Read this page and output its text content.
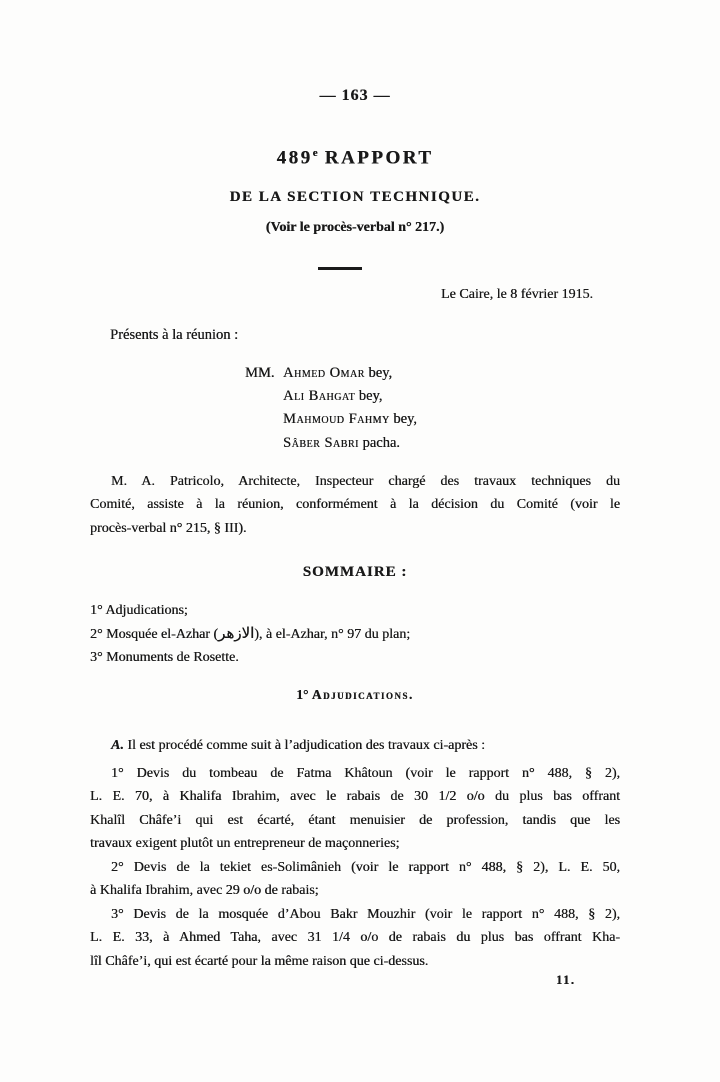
— 163 —
489e RAPPORT
DE LA SECTION TECHNIQUE.
(Voir le procès-verbal n° 217.)
Le Caire, le 8 février 1915.
Présents à la réunion :
MM. Ahmed Omar bey,
Ali Bahgat bey,
Mahmoud Fahmy bey,
Sâber Sabri pacha.
M. A. Patricolo, Architecte, Inspecteur chargé des travaux techniques du
Comité, assiste à la réunion, conformément à la décision du Comité (voir le
procès-verbal n° 215, § III).
SOMMAIRE :
1° Adjudications;
2° Mosquée el-Azhar (الازهر), à el-Azhar, n° 97 du plan;
3° Monuments de Rosette.
1° Adjudications.
A. Il est procédé comme suit à l’adjudication des travaux ci-après :
1° Devis du tombeau de Fatma Khâtoun (voir le rapport n° 488, § 2),
L. E. 70, à Khalifa Ibrahim, avec le rabais de 30 1/2 o/o du plus bas offrant
Khalîl Châfe’i qui est écarté, étant menuisier de profession, tandis que les
travaux exigent plutôt un entrepreneur de maçonneries;
2° Devis de la tekiet es-Solimânieh (voir le rapport n° 488, § 2), L. E. 50,
à Khalifa Ibrahim, avec 29 o/o de rabais;
3° Devis de la mosquée d’Abou Bakr Mouzhir (voir le rapport n° 488, § 2),
L. E. 33, à Ahmed Taha, avec 31 1/4 o/o de rabais du plus bas offrant Kha-
lîl Châfe’i, qui est écarté pour la même raison que ci-dessus.
11.
